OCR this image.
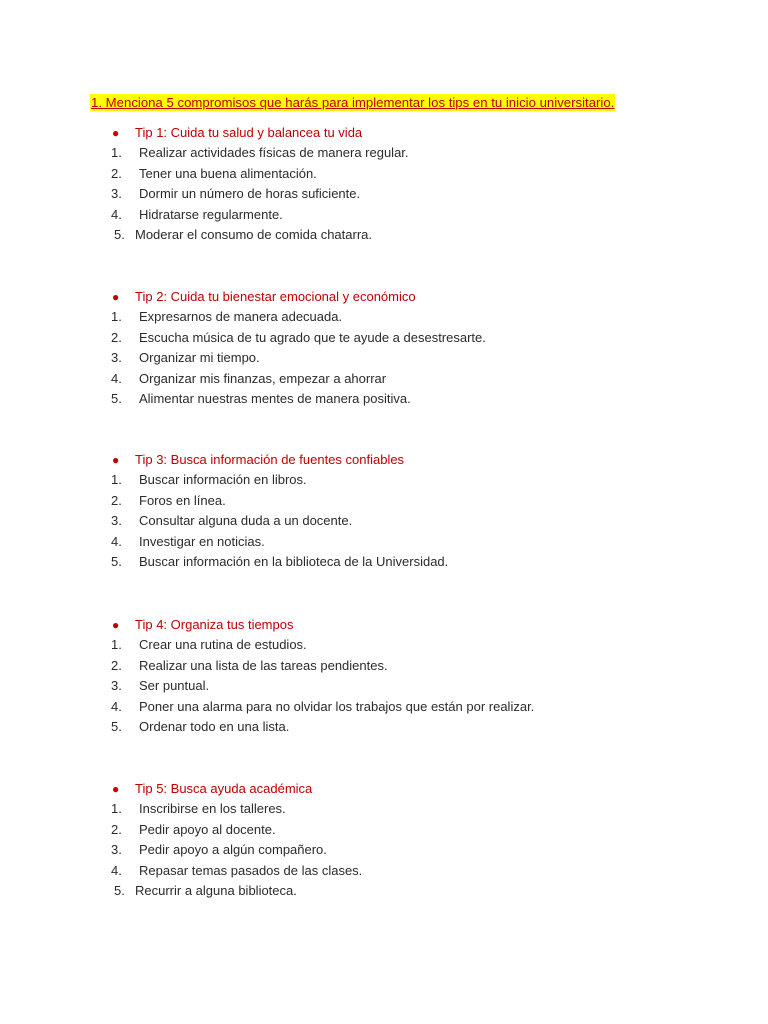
1. Menciona 5 compromisos que harás para implementar los tips en tu inicio universitario.
● Tip 1: Cuida tu salud y balancea tu vida
1. Realizar actividades físicas de manera regular.
2. Tener una buena alimentación.
3. Dormir un número de horas suficiente.
4. Hidratarse regularmente.
5. Moderar el consumo de comida chatarra.
● Tip 2: Cuida tu bienestar emocional y económico
1. Expresarnos de manera adecuada.
2. Escucha música de tu agrado que te ayude a desestresarte.
3. Organizar mi tiempo.
4. Organizar mis finanzas, empezar a ahorrar
5. Alimentar nuestras mentes de manera positiva.
● Tip 3: Busca información de fuentes confiables
1. Buscar información en libros.
2. Foros en línea.
3. Consultar alguna duda a un docente.
4. Investigar en noticias.
5. Buscar información en la biblioteca de la Universidad.
● Tip 4: Organiza tus tiempos
1. Crear una rutina de estudios.
2. Realizar una lista de las tareas pendientes.
3. Ser puntual.
4. Poner una alarma para no olvidar los trabajos que están por realizar.
5. Ordenar todo en una lista.
● Tip 5: Busca ayuda académica
1. Inscribirse en los talleres.
2. Pedir apoyo al docente.
3. Pedir apoyo a algún compañero.
4. Repasar temas pasados de las clases.
5. Recurrir a alguna biblioteca.
